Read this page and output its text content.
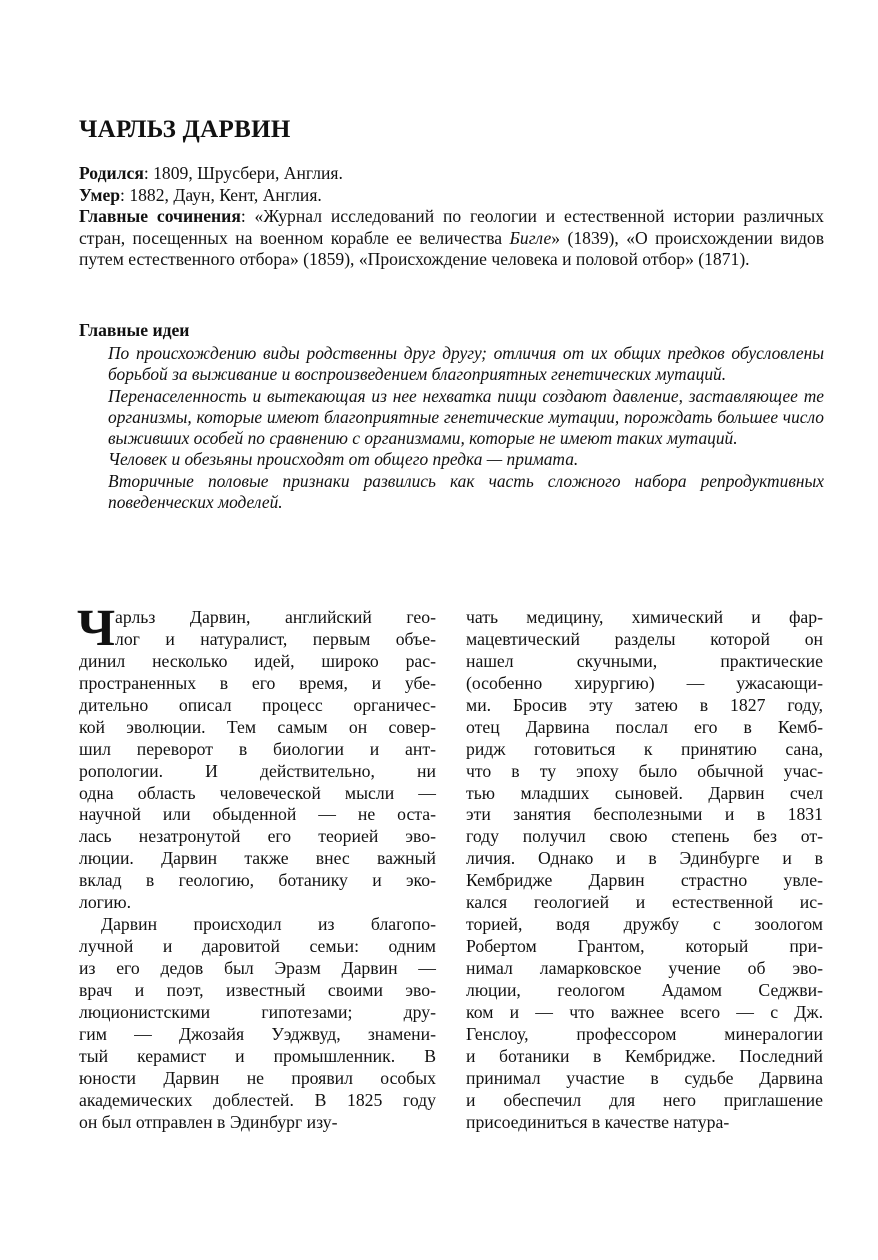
ЧАРЛЬЗ ДАРВИН

Родился: 1809, Шрусбери, Англия.

Умер: 1882, Даун, Кент, Англия.

Главные сочинения: «Журнал исследований по геологии и естественной истории различных стран, посещенных на военном корабле ее величества Бигле» (1839), «О происхождении видов путем естественного отбора» (1859), «Происхождение человека и половой отбор» (1871).

Главные идеи

По происхождению виды родственны друг другу; отличия от их общих предков обусловлены борьбой за выживание и воспроизведением благоприятных генетических мутаций.

Перенаселенность и вытекающая из нее нехватка пищи создают давление, заставляющее те организмы, которые имеют благоприятные генетические мутации, порождать большее число выживших особей по сравнению с организмами, которые не имеют таких мутаций.

Человек и обезьяны происходят от общего предка — примата.

Вторичные половые признаки развились как часть сложного набора репродуктивных поведенческих моделей.

Ч арльз Дарвин, английский гео-
лог и натуралист, первым объе-
динил несколько идей, широко рас-
пространенных в его время, и убе-
дительно описал процесс органичес-
кой эволюции. Тем самым он совер-
шил переворот в биологии и ант-
ропологии. И действительно, ни
одна область человеческой мысли —
научной или обыденной — не оста-
лась незатронутой его теорией эво-
люции. Дарвин также внес важный
вклад в геологию, ботанику и эко-
логию.
Дарвин происходил из благопо-
лучной и даровитой семьи: одним
из его дедов был Эразм Дарвин —
врач и поэт, известный своими эво-
люционистскими гипотезами; дру-
гим — Джозайя Уэджвуд, знамени-
тый керамист и промышленник. В
юности Дарвин не проявил особых
академических доблестей. В 1825 году
он был отправлен в Эдинбург изу-
чать медицину, химический и фар-
мацевтический разделы которой он
нашел скучными, практические
(особенно хирургию) — ужасающи-
ми. Бросив эту затею в 1827 году,
отец Дарвина послал его в Кемб-
ридж готовиться к принятию сана,
что в ту эпоху было обычной учас-
тью младших сыновей. Дарвин счел
эти занятия бесполезными и в 1831
году получил свою степень без от-
личия. Однако и в Эдинбурге и в
Кембридже Дарвин страстно увле-
кался геологией и естественной ис-
торией, водя дружбу с зоологом
Робертом Грантом, который при-
нимал ламарковское учение об эво-
люции, геологом Адамом Седжви-
ком и — что важнее всего — с Дж.
Генслоу, профессором минералогии
и ботаники в Кембридже. Последний
принимал участие в судьбе Дарвина
и обеспечил для него приглашение
присоединиться в качестве натура-
